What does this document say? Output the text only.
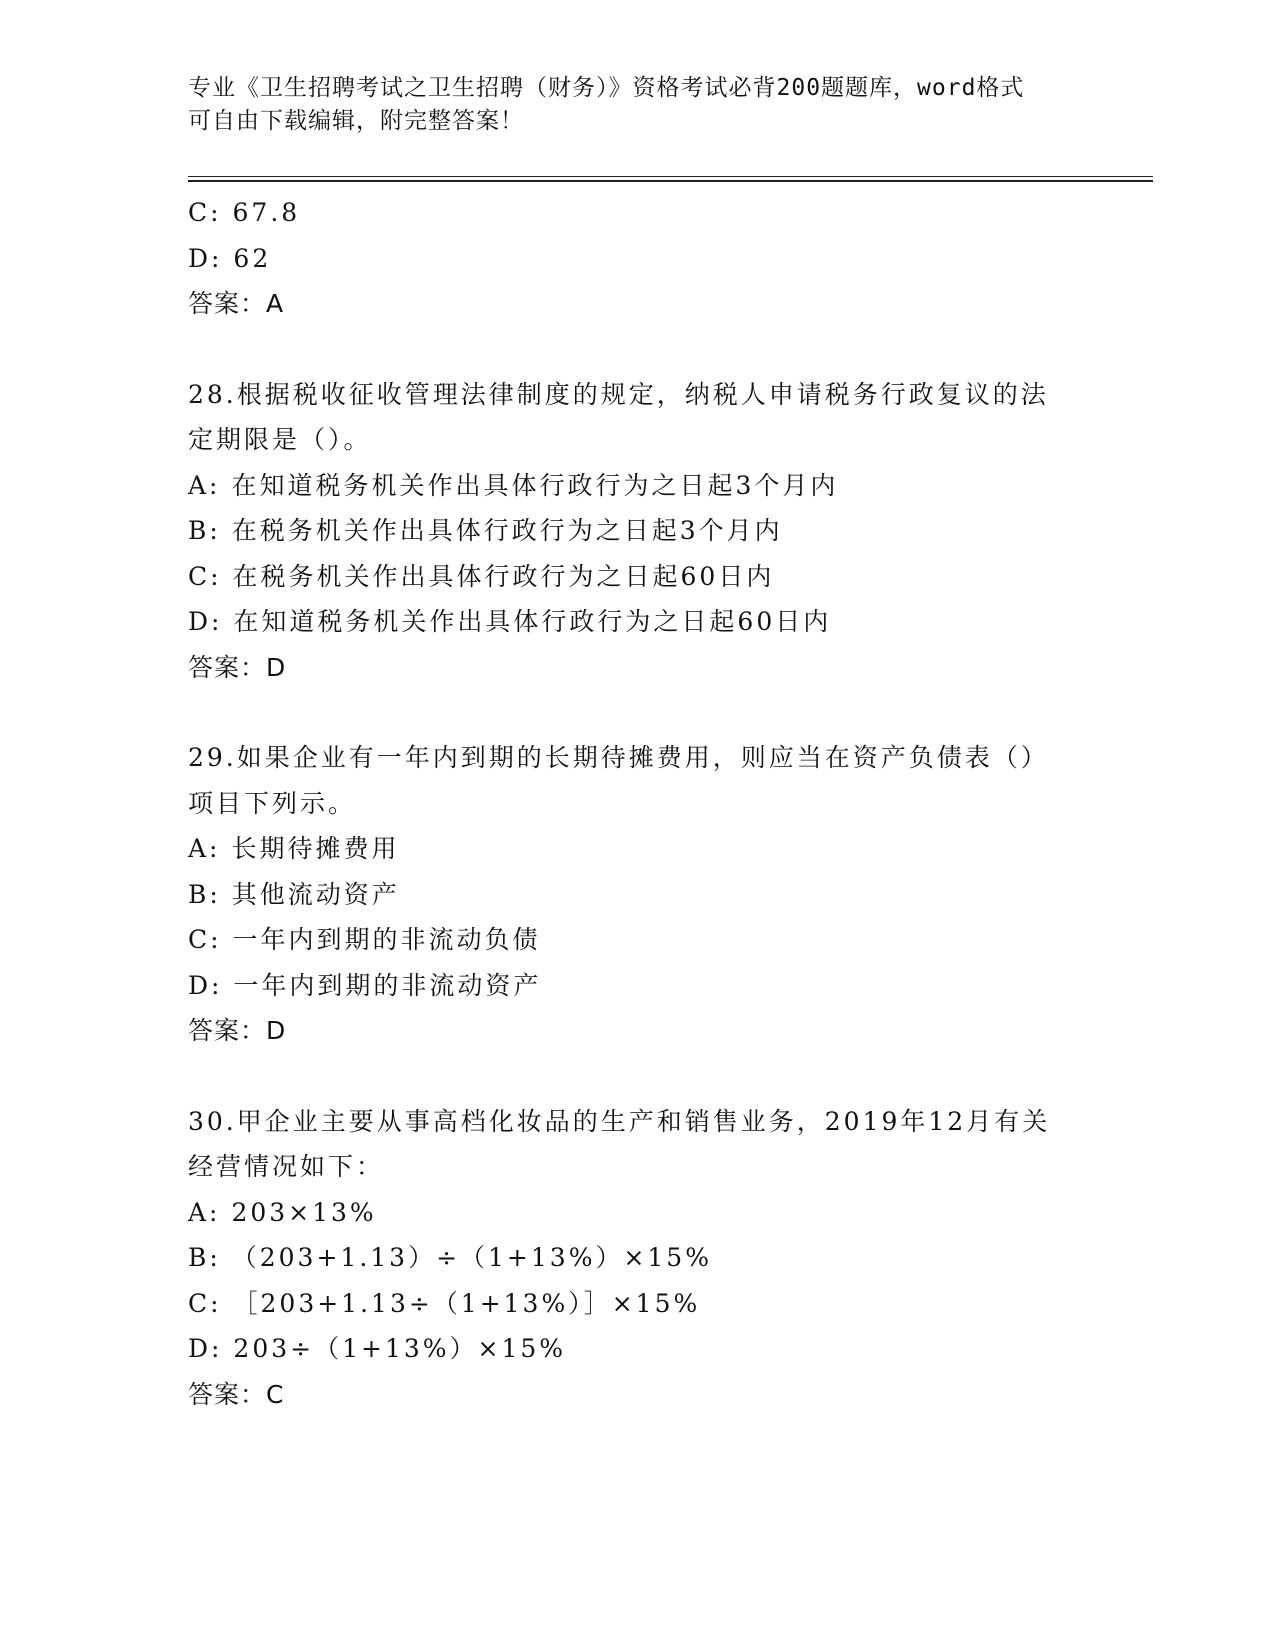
专业《卫生招聘考试之卫生招聘（财务）》资格考试必背200题题库，word格式
可自由下载编辑，附完整答案！
C: 67.8
D: 62
答案：A
28.根据税收征收管理法律制度的规定，纳税人申请税务行政复议的法
定期限是（）。
A: 在知道税务机关作出具体行政行为之日起3个月内
B: 在税务机关作出具体行政行为之日起3个月内
C: 在税务机关作出具体行政行为之日起60日内
D: 在知道税务机关作出具体行政行为之日起60日内
答案：D
29.如果企业有一年内到期的长期待摊费用，则应当在资产负债表（）
项目下列示。
A: 长期待摊费用
B: 其他流动资产
C: 一年内到期的非流动负债
D: 一年内到期的非流动资产
答案：D
30.甲企业主要从事高档化妆品的生产和销售业务，2019年12月有关
经营情况如下：
A: 203×13%
B: （203+1.13）÷（1+13%）×15%
C: ［203+1.13÷（1+13%）］×15%
D: 203÷（1+13%）×15%
答案：C
